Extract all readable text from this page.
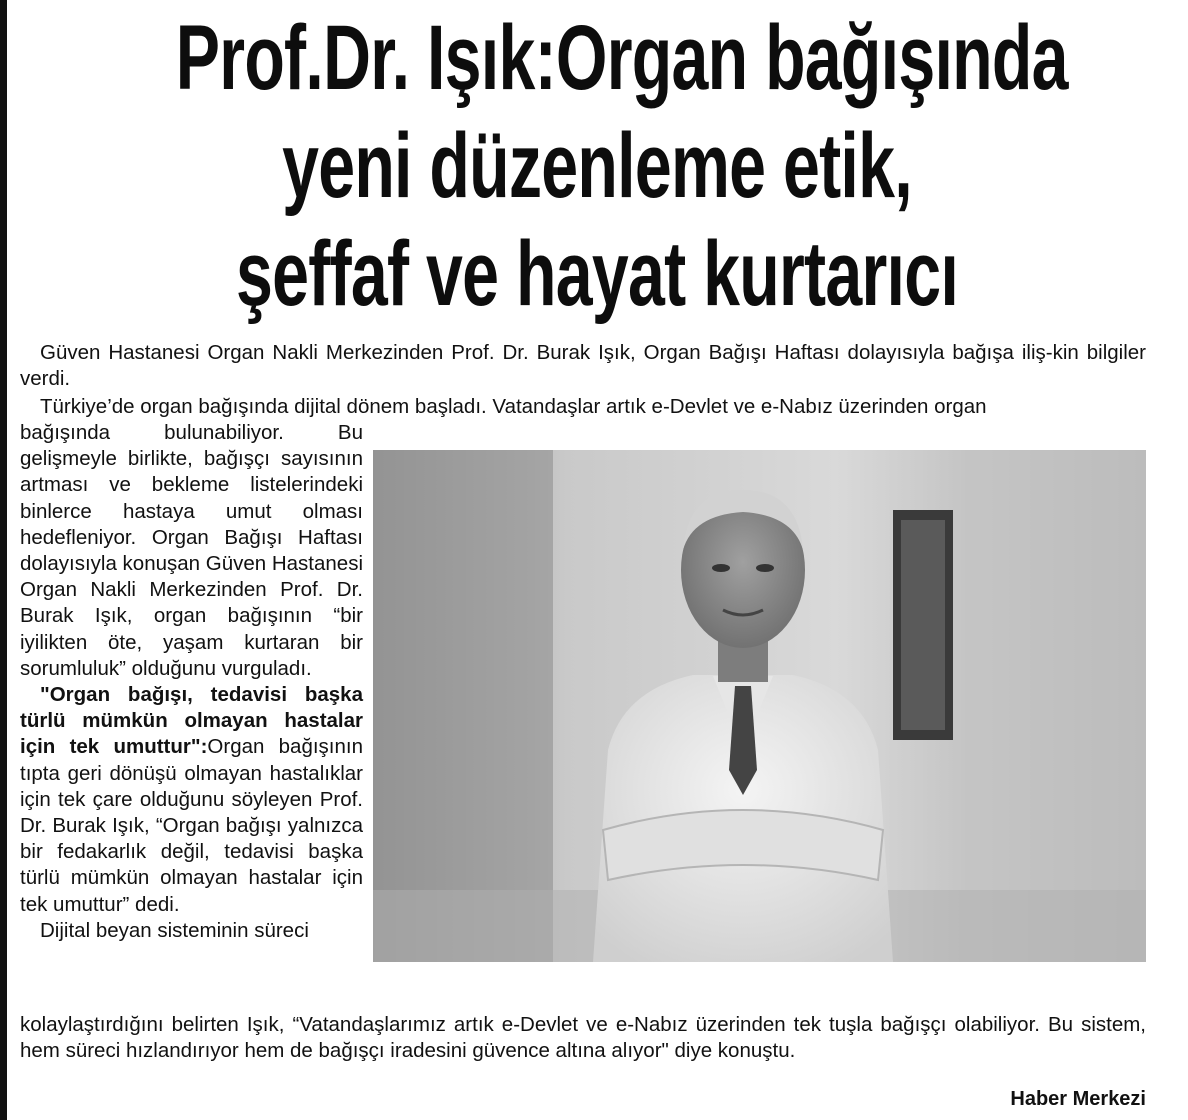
Prof.Dr. Işık:Organ bağışında
yeni düzenleme etik,
şeffaf ve hayat kurtarıcı

Güven Hastanesi Organ Nakli Merkezinden Prof. Dr. Burak Işık, Organ Bağışı Haftası dolayısıyla bağışa iliş-kin bilgiler verdi.

Türkiye’de organ bağışında dijital dönem başladı. Vatandaşlar artık e-Devlet ve e-Nabız üzerinden organ

bağışında bulunabiliyor. Bu gelişmeyle birlikte, bağışçı sayısının artması ve bekleme listelerindeki binlerce hastaya umut olması hedefleniyor. Organ Bağışı Haftası dolayısıyla konuşan Güven Hastanesi Organ Nakli Merkezinden Prof. Dr. Burak Işık, organ bağışının “bir iyilikten öte, yaşam kurtaran bir sorumluluk” olduğunu vurguladı.

"Organ bağışı, tedavisi başka türlü mümkün olmayan hastalar için tek umuttur":Organ bağışının tıpta geri dönüşü olmayan hastalıklar için tek çare olduğunu söyleyen Prof. Dr. Burak Işık, “Organ bağışı yalnızca bir fedakarlık değil, tedavisi başka türlü mümkün olmayan hastalar için tek umuttur” dedi.

Dijital beyan sisteminin süreci

kolaylaştırdığını belirten Işık, “Vatandaşlarımız artık e-Devlet ve e-Nabız üzerinden tek tuşla bağışçı olabiliyor. Bu sistem, hem süreci hızlandırıyor hem de bağışçı iradesini güvence altına alıyor" diye konuştu.

Haber Merkezi
